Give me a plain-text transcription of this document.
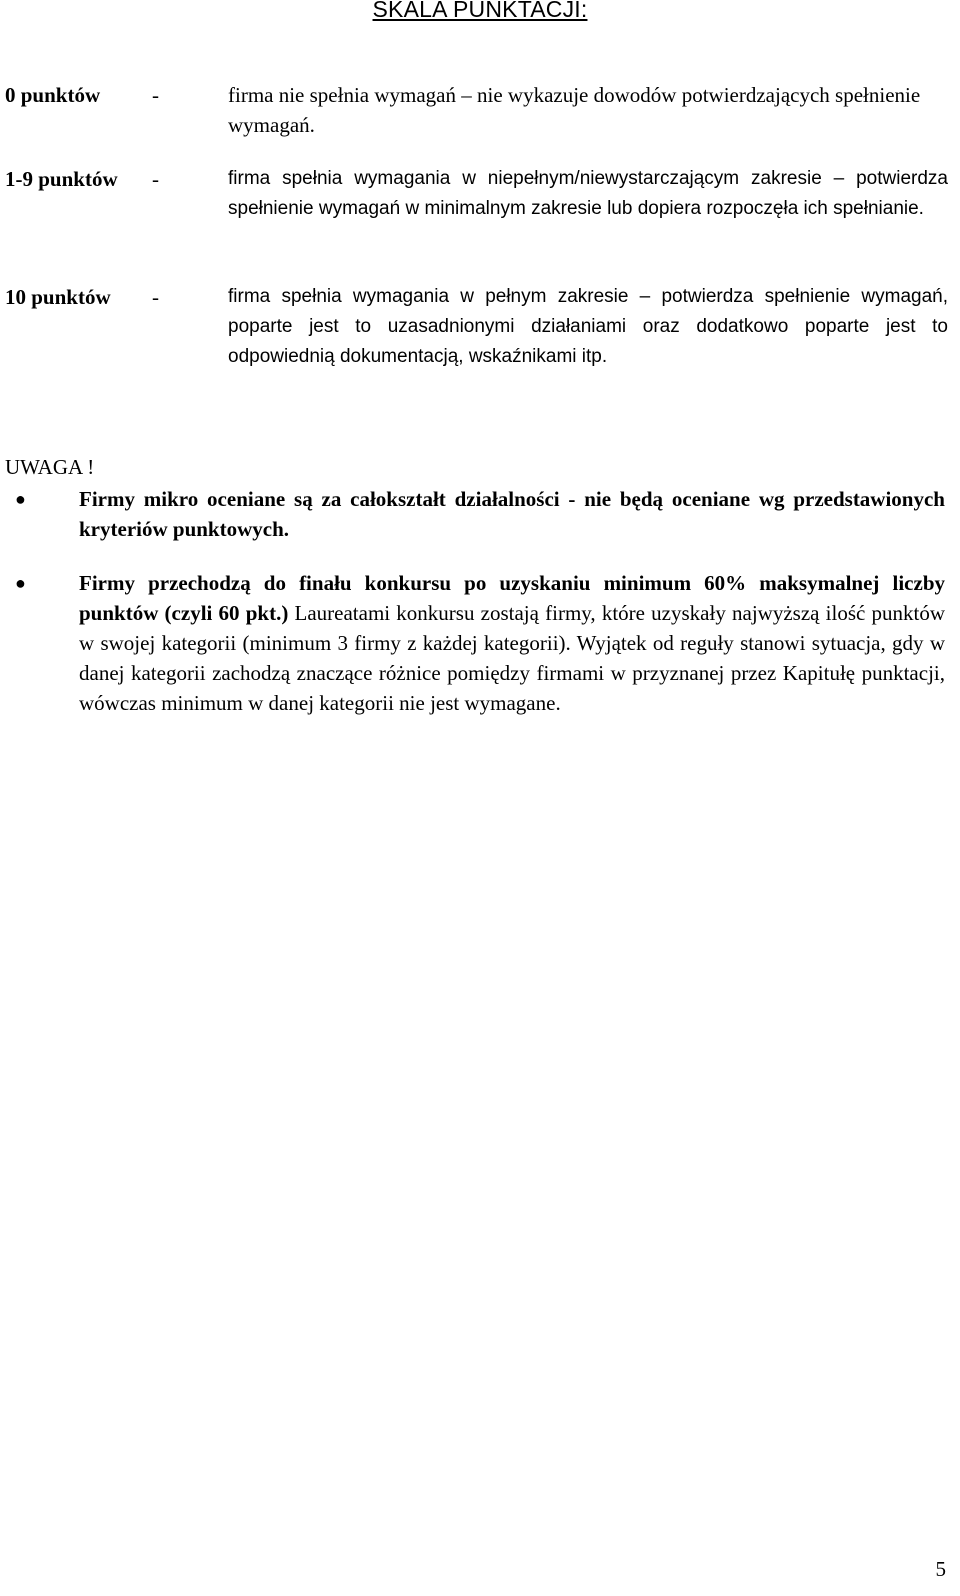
SKALA PUNKTACJI:
0 punktów -	firma nie spełnia wymagań – nie wykazuje dowodów potwierdzających spełnienie wymagań.
1-9 punktów -	firma spełnia wymagania w niepełnym/niewystarczającym zakresie – potwierdza spełnienie wymagań w minimalnym zakresie lub dopiera rozpoczęła ich spełnianie.
10 punktów -	firma spełnia wymagania w pełnym zakresie – potwierdza spełnienie wymagań, poparte jest to uzasadnionymi działaniami oraz dodatkowo poparte jest to odpowiednią dokumentacją, wskaźnikami itp.
UWAGA !
●	Firmy mikro oceniane są za całokształt działalności - nie będą oceniane wg przedstawionych kryteriów punktowych.
●	Firmy przechodzą do finału konkursu po uzyskaniu minimum 60% maksymalnej liczby punktów (czyli 60 pkt.) Laureatami konkursu zostają firmy, które uzyskały najwyższą ilość punktów w swojej kategorii (minimum 3 firmy z każdej kategorii). Wyjątek od reguły stanowi sytuacja, gdy w danej kategorii zachodzą znaczące różnice pomiędzy firmami w przyznanej przez Kapitułę punktacji, wówczas minimum w danej kategorii nie jest wymagane.
5
